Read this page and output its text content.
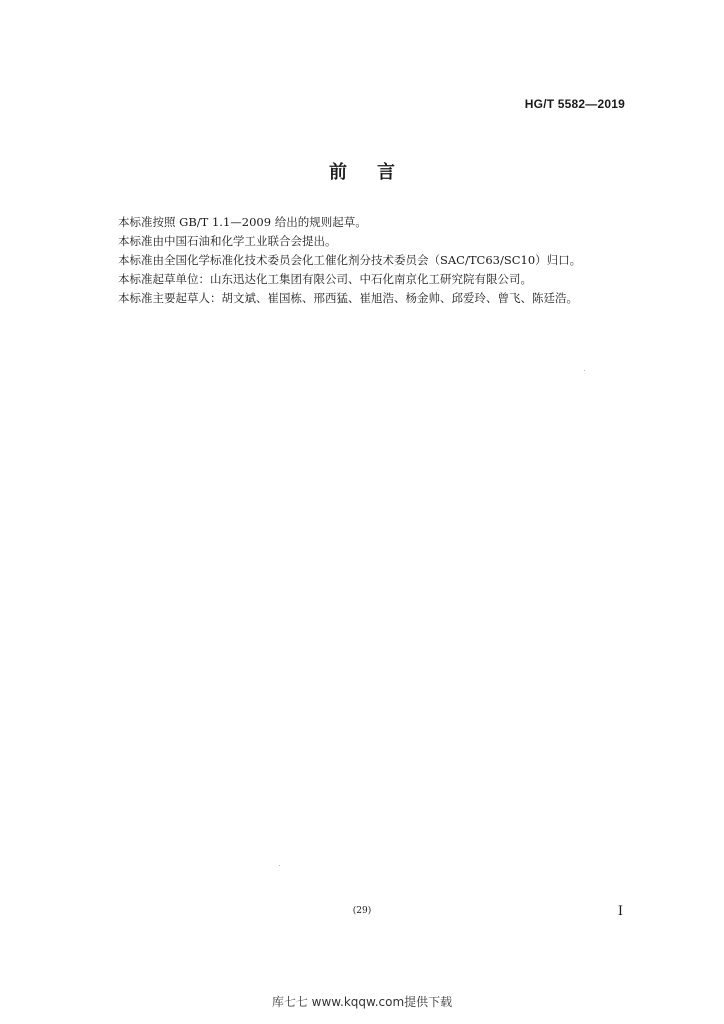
HG/T 5582—2019
前言
本标准按照 GB/T 1.1—2009 给出的规则起草。
本标准由中国石油和化学工业联合会提出。
本标准由全国化学标准化技术委员会化工催化剂分技术委员会（SAC/TC63/SC10）归口。
本标准起草单位：山东迅达化工集团有限公司、中石化南京化工研究院有限公司。
本标准主要起草人：胡文斌、崔国栋、邢西猛、崔旭浩、杨金帅、邱爱玲、曾飞、陈廷浩。
(29)	I
库七七 www.kqqw.com提供下载
